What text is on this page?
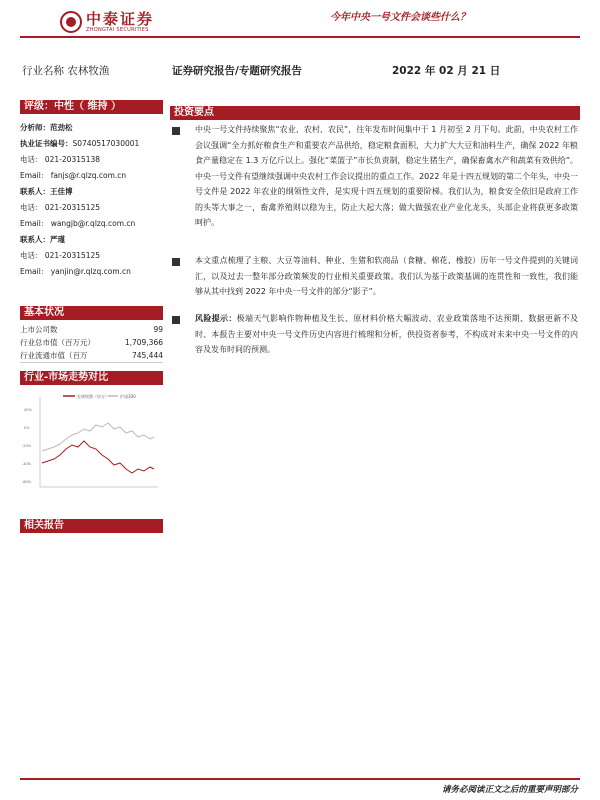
中泰证券
ZHONGTAI SECURITIES
今年中央一号文件会谈些什么？
行业名称 农林牧渔	证券研究报告/专题研究报告	2022 年 02 月 21 日
评级：中性（ 维持 ）
分析师：范劲松
执业证书编号：S0740517030001
电话： 021-20315138
Email： fanjs@r.qlzq.com.cn
联系人：王佳博
电话： 021-20315125
Email： wangjb@r.qlzq.com.cn
联系人：严瑾
电话： 021-20315125
Email： yanjin@r.qlzq.com.cn
基本状况
上市公司数	99
行业总市值（百万元）	1,709,366
行业流通市值（百万	745,444
行业-市场走势对比
农林牧渔（申万）	沪深300
20%
0%
-20%
-40%
-60%
相关报告
投资要点
中央一号文件持续聚焦“农业、农村、农民”，往年发布时间集中于 1 月初至 2 月下旬。此前，中央农村工作会议强调“全力抓好粮食生产和重要农产品供给，稳定粮食面积，大力扩大大豆和油料生产，确保 2022 年粮食产量稳定在 1.3 万亿斤以上。强化“菜篮子”市长负责制，稳定生猪生产，确保畜禽水产和蔬菜有效供给”。中央一号文件有望继续强调中央农村工作会议提出的重点工作。2022 年是十四五规划的第二个年头，中央一号文件是 2022 年农业的纲领性文件，是实现十四五规划的重要阶梯。我们认为，粮食安全依旧是政府工作的头等大事之一，畜禽养殖则以稳为主，防止大起大落；做大做强农业产业化龙头，头部企业将获更多政策呵护。
本文重点梳理了主粮、大豆等油料、种业、生猪和软商品（食糖、棉花、橡胶）历年一号文件提到的关键词汇，以及过去一整年部分政策频发的行业相关重要政策。我们认为基于政策基调的连贯性和一致性，我们能够从其中找到 2022 年中央一号文件的部分“影子”。
风险提示：极端天气影响作物种植及生长、原材料价格大幅波动、农业政策落地不达预期、数据更新不及时、本报告主要对中央一号文件历史内容进行梳理和分析，供投资者参考，不构成对未来中央一号文件的内容及发布时间的预测。
请务必阅读正文之后的重要声明部分
